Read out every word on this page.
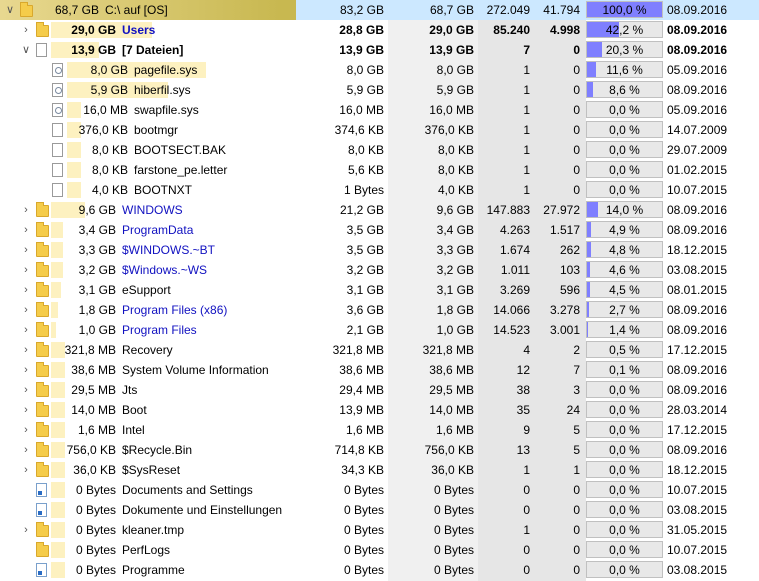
∨	68,7 GB C:\ auf [OS]	83,2 GB	68,7 GB	272.049	41.794	100,0 %	08.09.2016
›	29,0 GB Users	28,8 GB	29,0 GB	85.240	4.998	42,2 %	08.09.2016
∨	13,9 GB [7 Dateien]	13,9 GB	13,9 GB	7	0	20,3 %	08.09.2016
8,0 GB pagefile.sys	8,0 GB	8,0 GB	1	0	11,6 %	05.09.2016
5,9 GB hiberfil.sys	5,9 GB	5,9 GB	1	0	8,6 %	08.09.2016
16,0 MB swapfile.sys	16,0 MB	16,0 MB	1	0	0,0 %	05.09.2016
376,0 KB bootmgr	374,6 KB	376,0 KB	1	0	0,0 %	14.07.2009
8,0 KB BOOTSECT.BAK	8,0 KB	8,0 KB	1	0	0,0 %	29.07.2009
8,0 KB farstone_pe.letter	5,6 KB	8,0 KB	1	0	0,0 %	01.02.2015
4,0 KB BOOTNXT	1 Bytes	4,0 KB	1	0	0,0 %	10.07.2015
›	9,6 GB WINDOWS	21,2 GB	9,6 GB	147.883	27.972	14,0 %	08.09.2016
›	3,4 GB ProgramData	3,5 GB	3,4 GB	4.263	1.517	4,9 %	08.09.2016
›	3,3 GB $WINDOWS.~BT	3,5 GB	3,3 GB	1.674	262	4,8 %	18.12.2015
›	3,2 GB $Windows.~WS	3,2 GB	3,2 GB	1.011	103	4,6 %	03.08.2015
›	3,1 GB eSupport	3,1 GB	3,1 GB	3.269	596	4,5 %	08.01.2015
›	1,8 GB Program Files (x86)	3,6 GB	1,8 GB	14.066	3.278	2,7 %	08.09.2016
›	1,0 GB Program Files	2,1 GB	1,0 GB	14.523	3.001	1,4 %	08.09.2016
›	321,8 MB Recovery	321,8 MB	321,8 MB	4	2	0,5 %	17.12.2015
›	38,6 MB System Volume Information	38,6 MB	38,6 MB	12	7	0,1 %	08.09.2016
›	29,5 MB Jts	29,4 MB	29,5 MB	38	3	0,0 %	08.09.2016
›	14,0 MB Boot	13,9 MB	14,0 MB	35	24	0,0 %	28.03.2014
›	1,6 MB Intel	1,6 MB	1,6 MB	9	5	0,0 %	17.12.2015
›	756,0 KB $Recycle.Bin	714,8 KB	756,0 KB	13	5	0,0 %	08.09.2016
›	36,0 KB $SysReset	34,3 KB	36,0 KB	1	1	0,0 %	18.12.2015
0 Bytes Documents and Settings	0 Bytes	0 Bytes	0	0	0,0 %	10.07.2015
0 Bytes Dokumente und Einstellungen	0 Bytes	0 Bytes	0	0	0,0 %	03.08.2015
›	0 Bytes kleaner.tmp	0 Bytes	0 Bytes	1	0	0,0 %	31.05.2015
0 Bytes PerfLogs	0 Bytes	0 Bytes	0	0	0,0 %	10.07.2015
0 Bytes Programme	0 Bytes	0 Bytes	0	0	0,0 %	03.08.2015
